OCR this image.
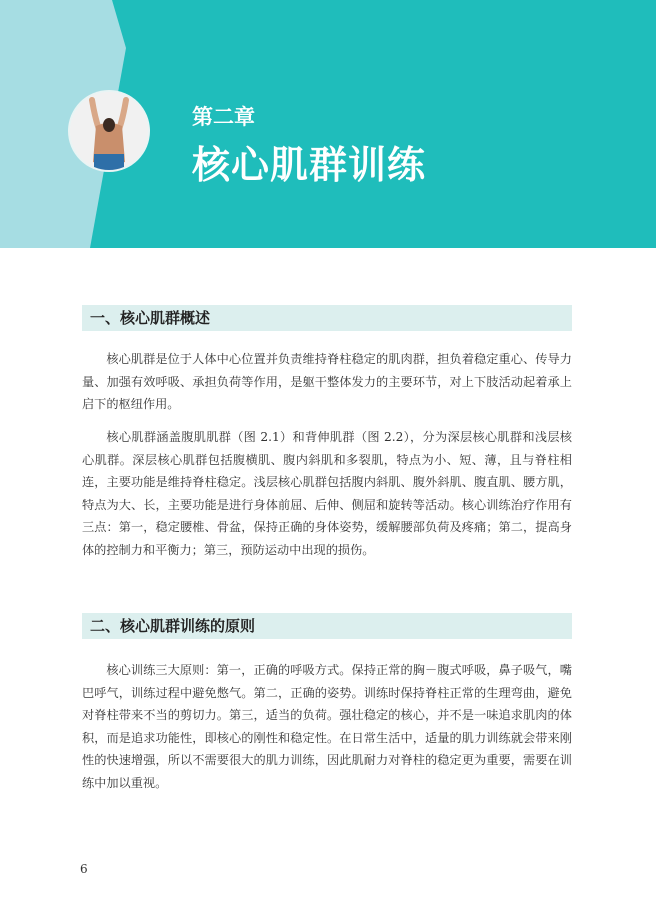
第二章
核心肌群训练
一、核心肌群概述

核心肌群是位于人体中心位置并负责维持脊柱稳定的肌肉群，担负着稳定重心、传导力量、加强有效呼吸、承担负荷等作用，是躯干整体发力的主要环节，对上下肢活动起着承上启下的枢纽作用。

核心肌群涵盖腹肌肌群（图 2.1）和背伸肌群（图 2.2），分为深层核心肌群和浅层核心肌群。深层核心肌群包括腹横肌、腹内斜肌和多裂肌，特点为小、短、薄，且与脊柱相连，主要功能是维持脊柱稳定。浅层核心肌群包括腹内斜肌、腹外斜肌、腹直肌、腰方肌，特点为大、长，主要功能是进行身体前屈、后伸、侧屈和旋转等活动。核心训练治疗作用有三点：第一，稳定腰椎、骨盆，保持正确的身体姿势，缓解腰部负荷及疼痛；第二，提高身体的控制力和平衡力；第三，预防运动中出现的损伤。

二、核心肌群训练的原则

核心训练三大原则：第一，正确的呼吸方式。保持正常的胸－腹式呼吸，鼻子吸气，嘴巴呼气，训练过程中避免憋气。第二，正确的姿势。训练时保持脊柱正常的生理弯曲，避免对脊柱带来不当的剪切力。第三，适当的负荷。强壮稳定的核心，并不是一味追求肌肉的体积，而是追求功能性，即核心的刚性和稳定性。在日常生活中，适量的肌力训练就会带来刚性的快速增强，所以不需要很大的肌力训练，因此肌耐力对脊柱的稳定更为重要，需要在训练中加以重视。

6
